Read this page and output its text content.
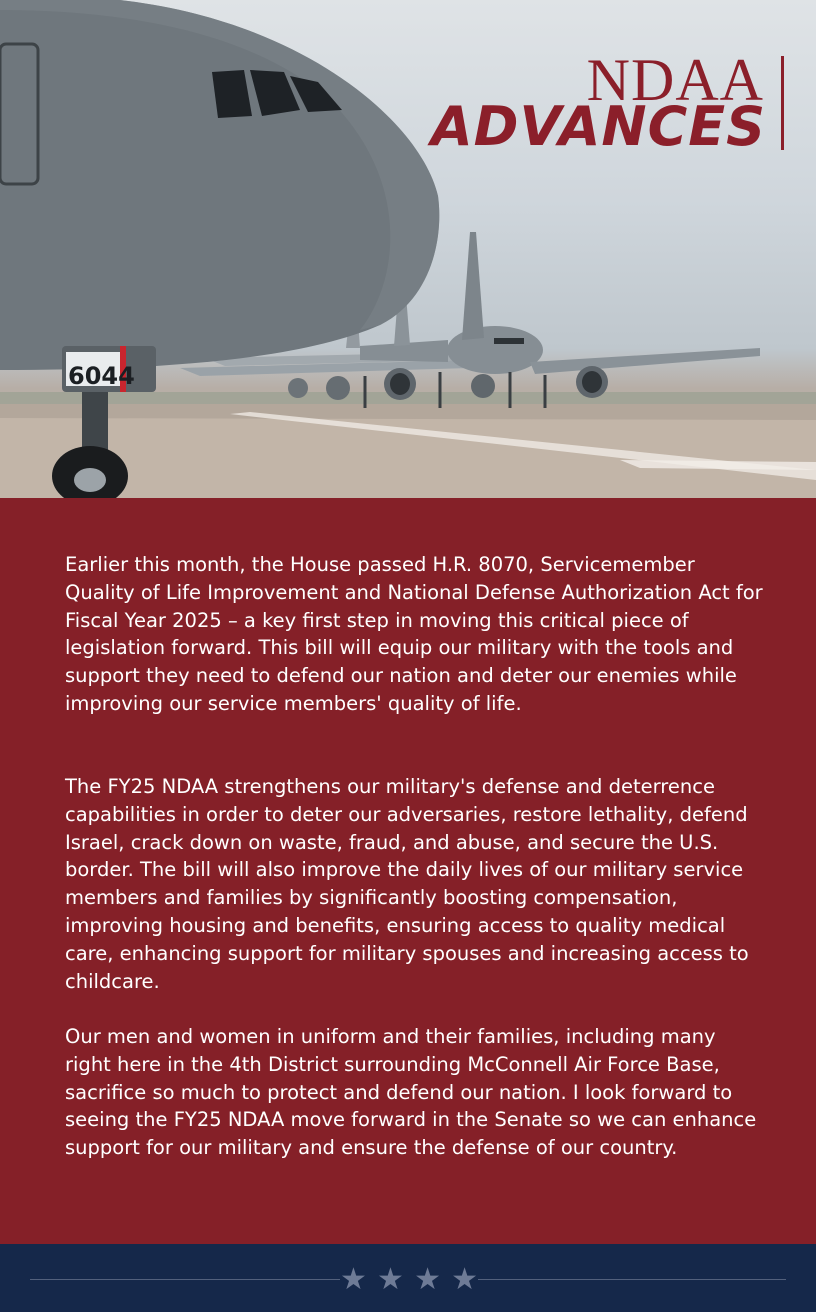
6044
NDAA
ADVANCES

Earlier this month, the House passed H.R. 8070, Servicemember Quality of Life Improvement and National Defense Authorization Act for Fiscal Year 2025 – a key first step in moving this critical piece of legislation forward. This bill will equip our military with the tools and support they need to defend our nation and deter our enemies while improving our service members' quality of life.

The FY25 NDAA strengthens our military's defense and deterrence capabilities in order to deter our adversaries, restore lethality, defend Israel, crack down on waste, fraud, and abuse, and secure the U.S. border. The bill will also improve the daily lives of our military service members and families by significantly boosting compensation, improving housing and benefits, ensuring access to quality medical care, enhancing support for military spouses and increasing access to childcare.

Our men and women in uniform and their families, including many right here in the 4th District surrounding McConnell Air Force Base, sacrifice so much to protect and defend our nation. I look forward to seeing the FY25 NDAA move forward in the Senate so we can enhance support for our military and ensure the defense of our country.

★ ★ ★ ★
